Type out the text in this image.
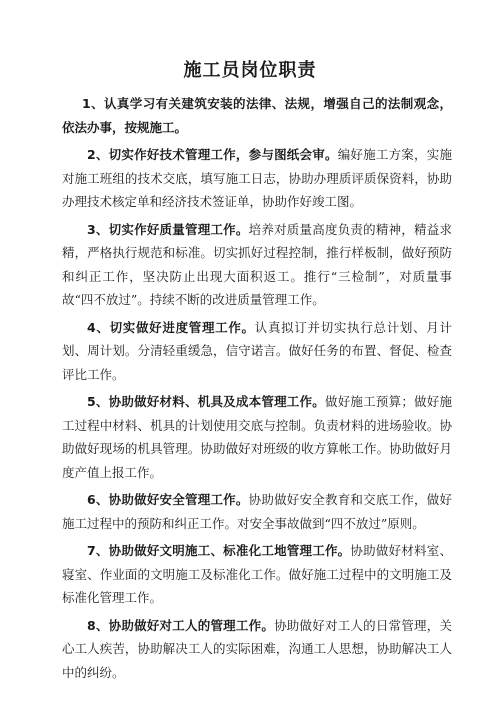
施工员岗位职责

1、认真学习有关建筑安装的法律、法规，增强自己的法制观念，依法办事，按规施工。

2、切实作好技术管理工作，参与图纸会审。编好施工方案，实施对施工班组的技术交底，填写施工日志，协助办理质评质保资料，协助办理技术核定单和经济技术签证单，协助作好竣工图。

3、切实作好质量管理工作。培养对质量高度负责的精神，精益求精，严格执行规范和标准。切实抓好过程控制，推行样板制，做好预防和纠正工作，坚决防止出现大面积返工。推行“三检制”，对质量事故“四不放过”。持续不断的改进质量管理工作。

4、切实做好进度管理工作。认真拟订并切实执行总计划、月计划、周计划。分清轻重缓急，信守诺言。做好任务的布置、督促、检查评比工作。

5、协助做好材料、机具及成本管理工作。做好施工预算；做好施工过程中材料、机具的计划使用交底与控制。负责材料的进场验收。协助做好现场的机具管理。协助做好对班级的收方算帐工作。协助做好月度产值上报工作。

6、协助做好安全管理工作。协助做好安全教育和交底工作，做好施工过程中的预防和纠正工作。对安全事故做到“四不放过”原则。

7、协助做好文明施工、标准化工地管理工作。协助做好材料室、寝室、作业面的文明施工及标准化工作。做好施工过程中的文明施工及标准化管理工作。

8、协助做好对工人的管理工作。协助做好对工人的日常管理，关心工人疾苦，协助解决工人的实际困难，沟通工人思想，协助解决工人中的纠纷。
